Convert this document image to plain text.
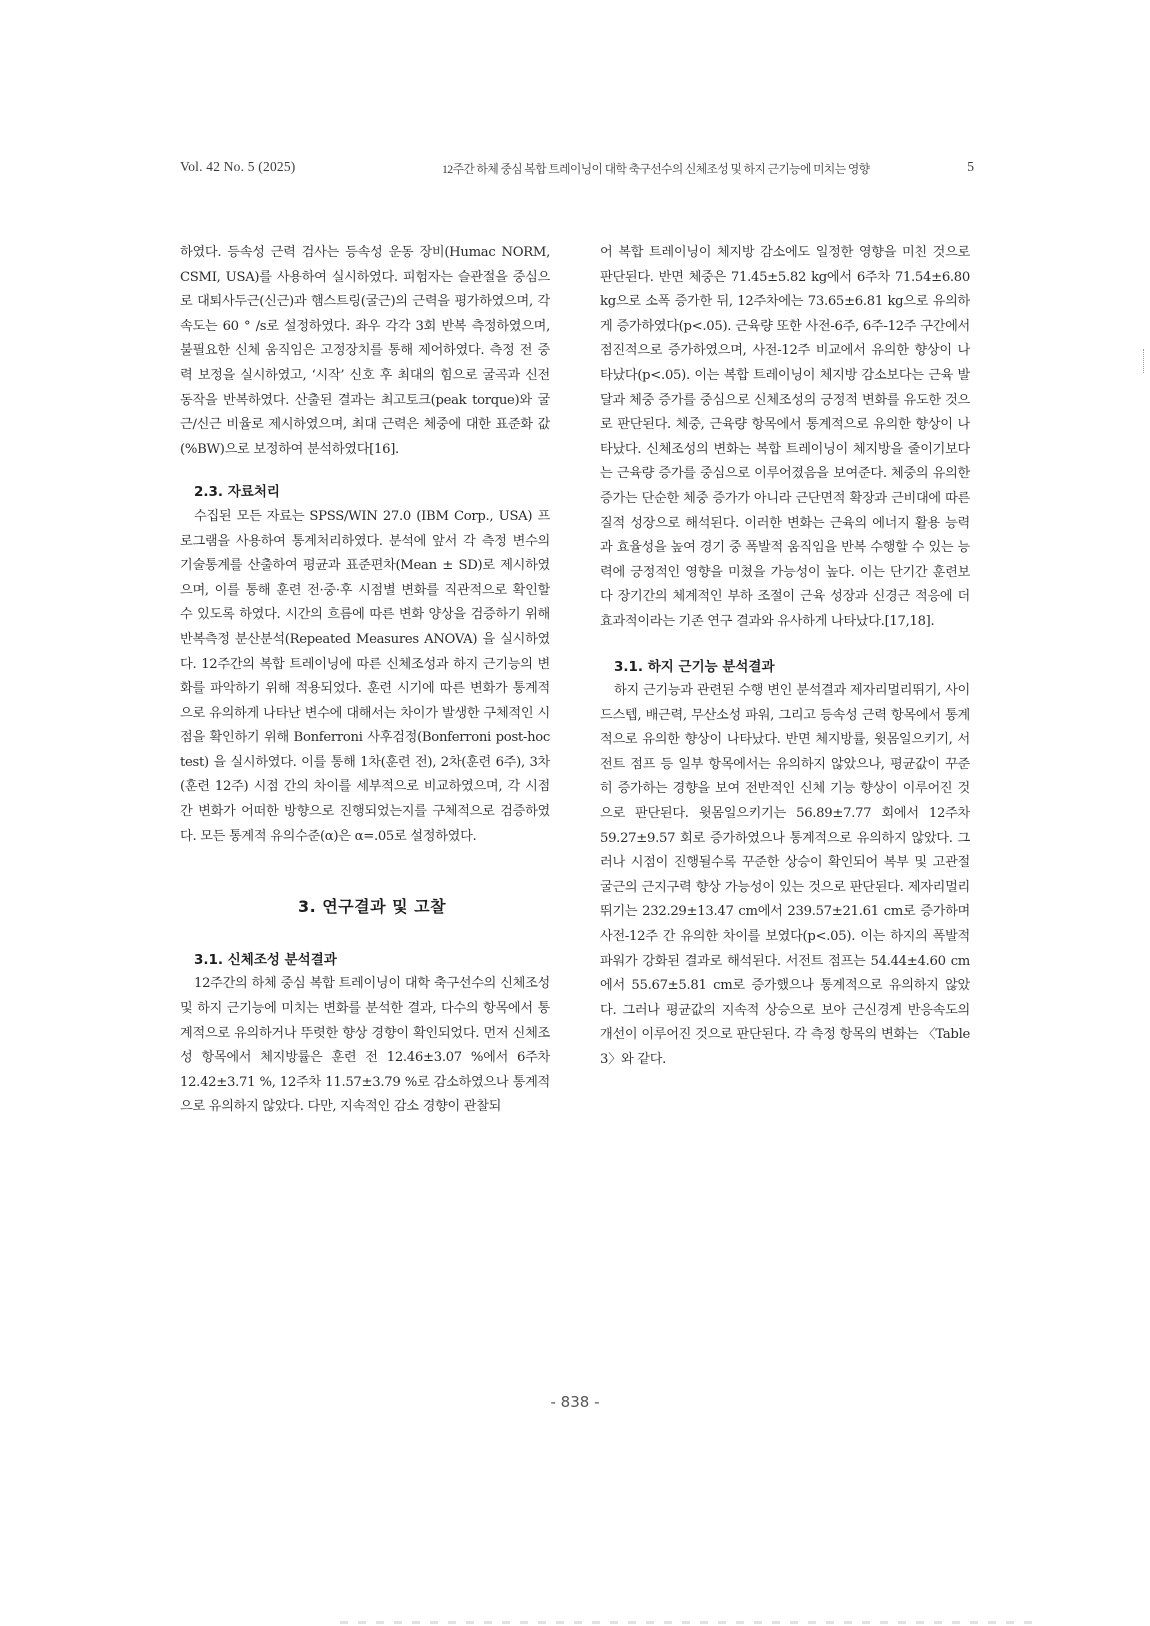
Vol. 42 No. 5 (2025)	12주간 하체 중심 복합 트레이닝이 대학 축구선수의 신체조성 및 하지 근기능에 미치는 영향	5

하였다. 등속성 근력 검사는 등속성 운동 장비(Humac NORM, CSMI, USA)를 사용하여 실시하였다. 피험자는 슬관절을 중심으로 대퇴사두근(신근)과 햄스트링(굴근)의 근력을 평가하였으며, 각속도는 60 ° /s로 설정하였다. 좌우 각각 3회 반복 측정하였으며, 불필요한 신체 움직임은 고정장치를 통해 제어하였다. 측정 전 중력 보정을 실시하였고, ‘시작’ 신호 후 최대의 힘으로 굴곡과 신전 동작을 반복하였다. 산출된 결과는 최고토크(peak torque)와 굴근/신근 비율로 제시하였으며, 최대 근력은 체중에 대한 표준화 값(%BW)으로 보정하여 분석하였다[16].

2.3. 자료처리

수집된 모든 자료는 SPSS/WIN 27.0 (IBM Corp., USA) 프로그램을 사용하여 통계처리하였다. 분석에 앞서 각 측정 변수의 기술통계를 산출하여 평균과 표준편차(Mean ± SD)로 제시하였으며, 이를 통해 훈련 전·중·후 시점별 변화를 직관적으로 확인할 수 있도록 하였다. 시간의 흐름에 따른 변화 양상을 검증하기 위해 반복측정 분산분석(Repeated Measures ANOVA) 을 실시하였다. 12주간의 복합 트레이닝에 따른 신체조성과 하지 근기능의 변화를 파악하기 위해 적용되었다. 훈련 시기에 따른 변화가 통계적으로 유의하게 나타난 변수에 대해서는 차이가 발생한 구체적인 시점을 확인하기 위해 Bonferroni 사후검정(Bonferroni post-hoc test) 을 실시하였다. 이를 통해 1차(훈련 전), 2차(훈련 6주), 3차(훈련 12주) 시점 간의 차이를 세부적으로 비교하였으며, 각 시점 간 변화가 어떠한 방향으로 진행되었는지를 구체적으로 검증하였다. 모든 통계적 유의수준(α)은 α=.05로 설정하였다.

3. 연구결과 및 고찰

3.1. 신체조성 분석결과

12주간의 하체 중심 복합 트레이닝이 대학 축구선수의 신체조성 및 하지 근기능에 미치는 변화를 분석한 결과, 다수의 항목에서 통계적으로 유의하거나 뚜렷한 향상 경향이 확인되었다. 먼저 신체조성 항목에서 체지방률은 훈련 전 12.46±3.07 %에서 6주차 12.42±3.71 %, 12주차 11.57±3.79 %로 감소하였으나 통계적으로 유의하지 않았다. 다만, 지속적인 감소 경향이 관찰되

어 복합 트레이닝이 체지방 감소에도 일정한 영향을 미친 것으로 판단된다. 반면 체중은 71.45±5.82 kg에서 6주차 71.54±6.80 kg으로 소폭 증가한 뒤, 12주차에는 73.65±6.81 kg으로 유의하게 증가하였다(p<.05). 근육량 또한 사전-6주, 6주-12주 구간에서 점진적으로 증가하였으며, 사전-12주 비교에서 유의한 향상이 나타났다(p<.05). 이는 복합 트레이닝이 체지방 감소보다는 근육 발달과 체중 증가를 중심으로 신체조성의 긍정적 변화를 유도한 것으로 판단된다. 체중, 근육량 항목에서 통계적으로 유의한 향상이 나타났다. 신체조성의 변화는 복합 트레이닝이 체지방을 줄이기보다는 근육량 증가를 중심으로 이루어졌음을 보여준다. 체중의 유의한 증가는 단순한 체중 증가가 아니라 근단면적 확장과 근비대에 따른 질적 성장으로 해석된다. 이러한 변화는 근육의 에너지 활용 능력과 효율성을 높여 경기 중 폭발적 움직임을 반복 수행할 수 있는 능력에 긍정적인 영향을 미쳤을 가능성이 높다. 이는 단기간 훈련보다 장기간의 체계적인 부하 조절이 근육 성장과 신경근 적응에 더 효과적이라는 기존 연구 결과와 유사하게 나타났다.[17,18].

3.1. 하지 근기능 분석결과

하지 근기능과 관련된 수행 변인 분석결과 제자리멀리뛰기, 사이드스텝, 배근력, 무산소성 파워, 그리고 등속성 근력 항목에서 통계적으로 유의한 향상이 나타났다. 반면 체지방률, 윗몸일으키기, 서전트 점프 등 일부 항목에서는 유의하지 않았으나, 평균값이 꾸준히 증가하는 경향을 보여 전반적인 신체 기능 향상이 이루어진 것으로 판단된다. 윗몸일으키기는 56.89±7.77 회에서 12주차 59.27±9.57 회로 증가하였으나 통계적으로 유의하지 않았다. 그러나 시점이 진행될수록 꾸준한 상승이 확인되어 복부 및 고관절 굴근의 근지구력 향상 가능성이 있는 것으로 판단된다. 제자리멀리뛰기는 232.29±13.47 cm에서 239.57±21.61 cm로 증가하며 사전-12주 간 유의한 차이를 보였다(p<.05). 이는 하지의 폭발적 파워가 강화된 결과로 해석된다. 서전트 점프는 54.44±4.60 cm에서 55.67±5.81 cm로 증가했으나 통계적으로 유의하지 않았다. 그러나 평균값의 지속적 상승으로 보아 근신경계 반응속도의 개선이 이루어진 것으로 판단된다. 각 측정 항목의 변화는 〈Table 3〉와 같다.

- 838 -
